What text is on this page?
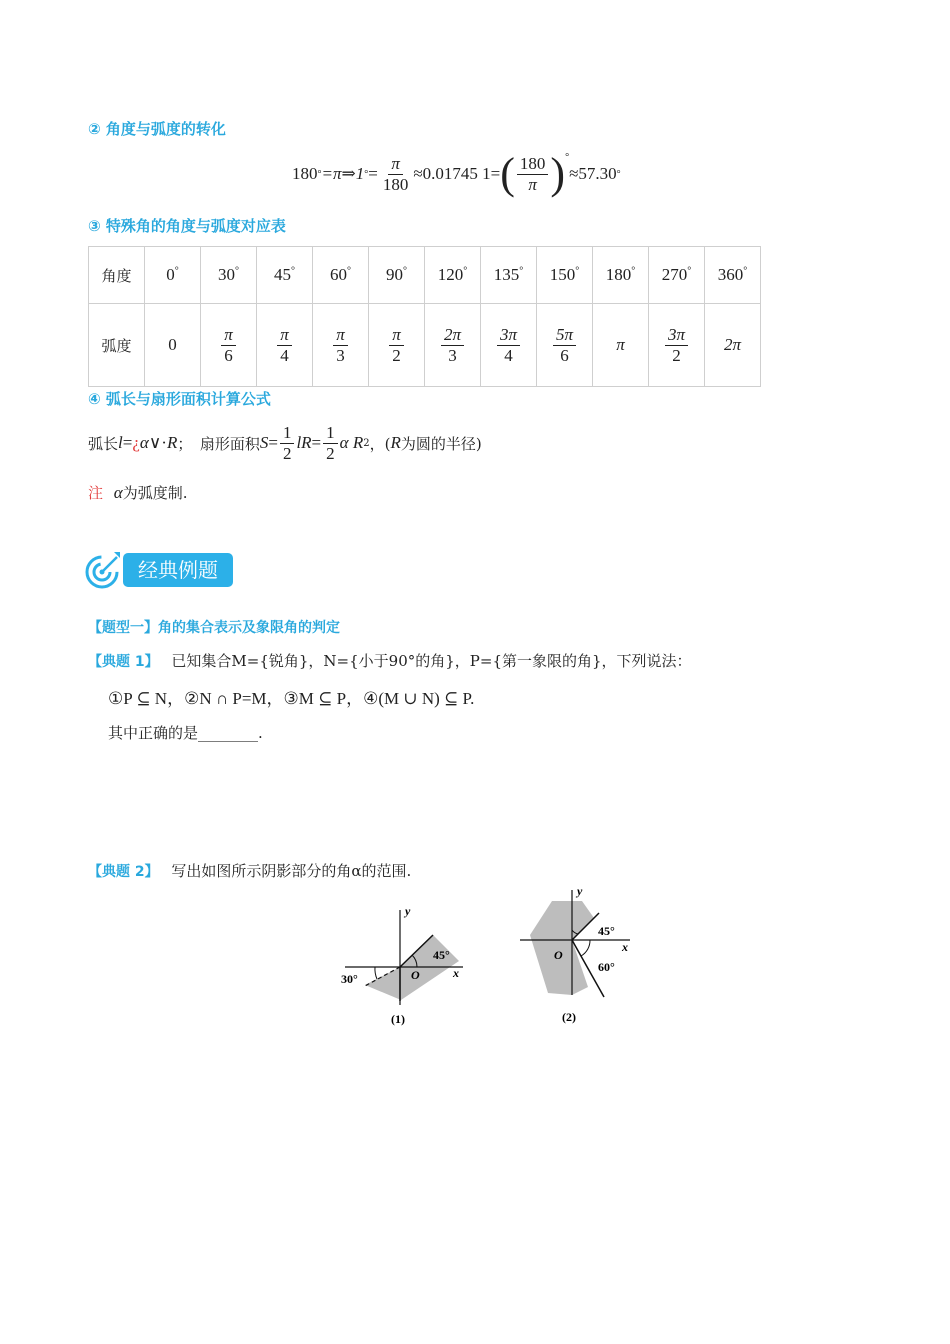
② 角度与弧度的转化
180 ° =π⇒1 ° = $\frac{\pi}{180} \approx 0.01745$ 1= ( $\frac{180}{\pi} )^\circ$
≈57.30 °
③ 特殊角的角度与弧度对应表
角度	0°	30°	45°	60°	90°	120°	135°	150°	180°	270°	360°
弧度	0	$\frac{\pi}{6}$	$\frac{\pi}{4}$	$\frac{\pi}{3}$	$\frac{\pi}{2}$	$\frac{2\pi}{3}$	$\frac{3\pi}{4}$	$\frac{5\pi}{6}$	π	$\frac{3\pi}{2}$	2π
④ 弧长与扇形面积计算公式
弧长 l = ¿ α ∨· R ；　扇形面积 $S = \frac{1}{2}$ lR = $\frac{1}{2}$ α R 2 ，( R 为圆的半径)
注 α为弧度制.
经典例题
【题型一】角的集合表示及象限角的判定
【典题 1】 已知集合M={锐角}，N={小于90°的角}，P={第一象限的角}，下列说法：
①P ⊆ N，②N ∩ P=M，③M ⊆ P，④(M ∪ N) ⊆ P.
其中正确的是________.
【典题 2】 写出如图所示阴影部分的角α的范围.
y
x
O
45°
30°
(1)
y
x
O
45°
60°
(2)
